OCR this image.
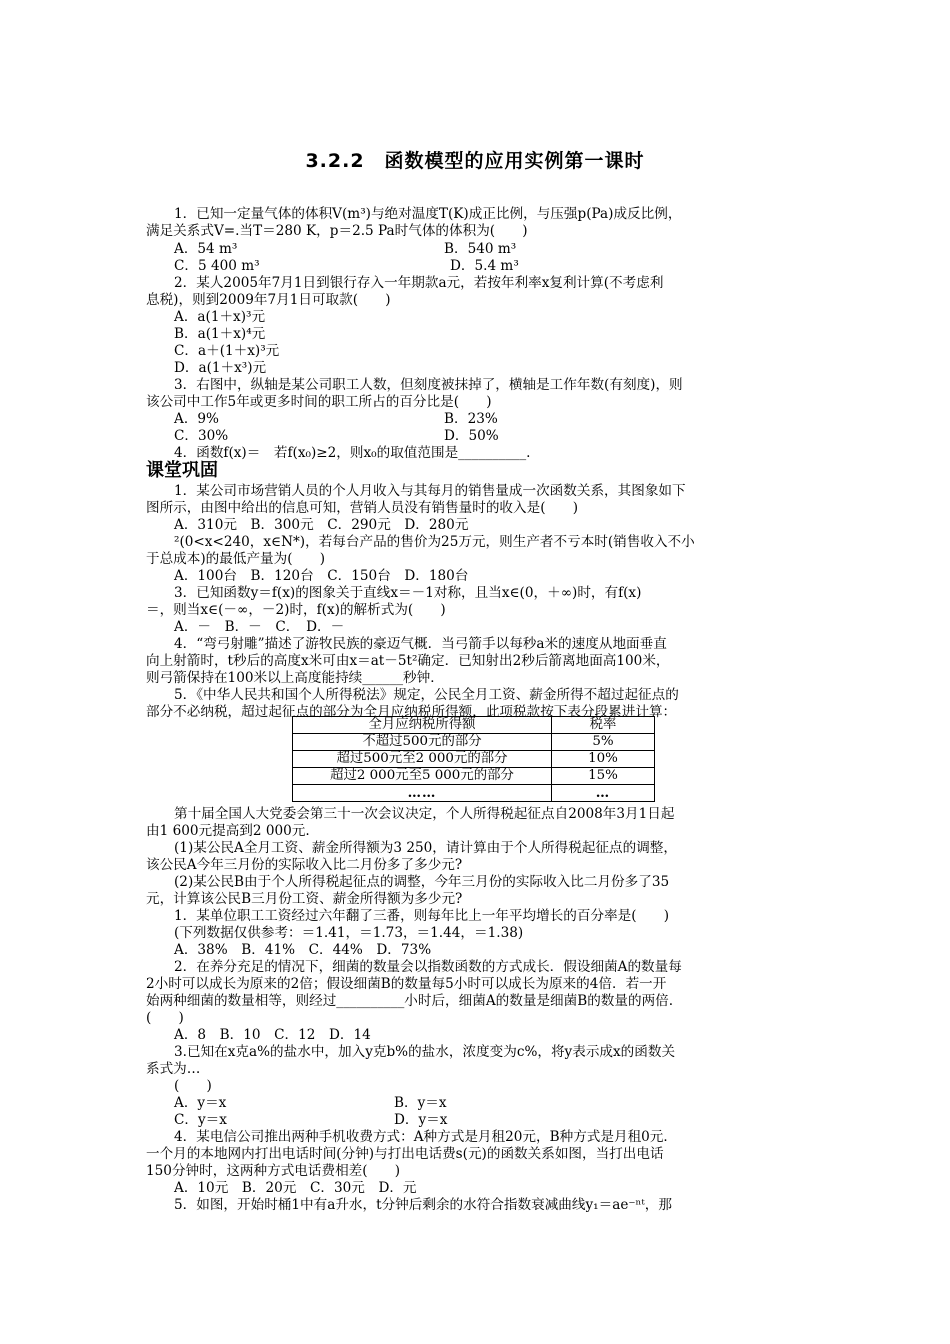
3.2.2　函数模型的应用实例第一课时
1．已知一定量气体的体积V(m³)与绝对温度T(K)成正比例，与压强p(Pa)成反比例，
满足关系式V=.当T＝280 K，p＝2.5 Pa时气体的体积为(　　)
A．54 m³	B．540 m³
C．5 400 m³	D．5.4 m³
2．某人2005年7月1日到银行存入一年期款a元，若按年利率x复利计算(不考虑利
息税)，则到2009年7月1日可取款(　　)
A．a(1＋x)³元
B．a(1＋x)⁴元
C．a＋(1＋x)³元
D．a(1＋x³)元
3．右图中，纵轴是某公司职工人数，但刻度被抹掉了，横轴是工作年数(有刻度)，则
该公司中工作5年或更多时间的职工所占的百分比是(　　)
A．9%	B．23%
C．30%	D．50%
4．函数f(x)＝　若f(x₀)≥2，则x₀的取值范围是__________.
课堂巩固
1．某公司市场营销人员的个人月收入与其每月的销售量成一次函数关系，其图象如下
图所示，由图中给出的信息可知，营销人员没有销售量时的收入是(　　)
A．310元　B．300元　C．290元　D．280元
²(0<x<240，x∈N*)，若每台产品的售价为25万元，则生产者不亏本时(销售收入不小
于总成本)的最低产量为(　　)
A．100台　B．120台　C．150台　D．180台
3．已知函数y＝f(x)的图象关于直线x＝－1对称，且当x∈(0，＋∞)时，有f(x)
＝，则当x∈(－∞，－2)时，f(x)的解析式为(　　)
A．－　B．－　C．　D．－
4．“弯弓射雕”描述了游牧民族的豪迈气概．当弓箭手以每秒a米的速度从地面垂直
向上射箭时，t秒后的高度x米可由x＝at－5t²确定．已知射出2秒后箭离地面高100米，
则弓箭保持在100米以上高度能持续______秒钟．
5．《中华人民共和国个人所得税法》规定，公民全月工资、薪金所得不超过起征点的
部分不必纳税，超过起征点的部分为全月应纳税所得额，此项税款按下表分段累进计算：
全月应纳税所得额	税率
不超过500元的部分	5%
超过500元至2 000元的部分	10%
超过2 000元至5 000元的部分	15%
……	…
第十届全国人大党委会第三十一次会议决定，个人所得税起征点自2008年3月1日起
由1 600元提高到2 000元.
(1)某公民A全月工资、薪金所得额为3 250，请计算由于个人所得税起征点的调整，
该公民A今年三月份的实际收入比二月份多了多少元?
(2)某公民B由于个人所得税起征点的调整，今年三月份的实际收入比二月份多了35
元，计算该公民B三月份工资、薪金所得额为多少元?
1．某单位职工工资经过六年翻了三番，则每年比上一年平均增长的百分率是(　　)
(下列数据仅供参考：＝1.41，＝1.73，＝1.44，＝1.38)
A．38%　B．41%　C．44%　D．73%
2．在养分充足的情况下，细菌的数量会以指数函数的方式成长．假设细菌A的数量每
2小时可以成长为原来的2倍；假设细菌B的数量每5小时可以成长为原来的4倍．若一开
始两种细菌的数量相等，则经过__________小时后，细菌A的数量是细菌B的数量的两倍.
(　　)
A．8　B．10　C．12　D．14
3.已知在x克a%的盐水中，加入y克b%的盐水，浓度变为c%，将y表示成x的函数关
系式为…
(　　)
A．y＝x	B．y＝x
C．y＝x	D．y＝x
4．某电信公司推出两种手机收费方式：A种方式是月租20元，B种方式是月租0元．
一个月的本地网内打出电话时间(分钟)与打出电话费s(元)的函数关系如图，当打出电话
150分钟时，这两种方式电话费相差(　　)
A．10元　B．20元　C．30元　D．元
5．如图，开始时桶1中有a升水，t分钟后剩余的水符合指数衰减曲线y₁＝ae⁻ⁿᵗ，那
